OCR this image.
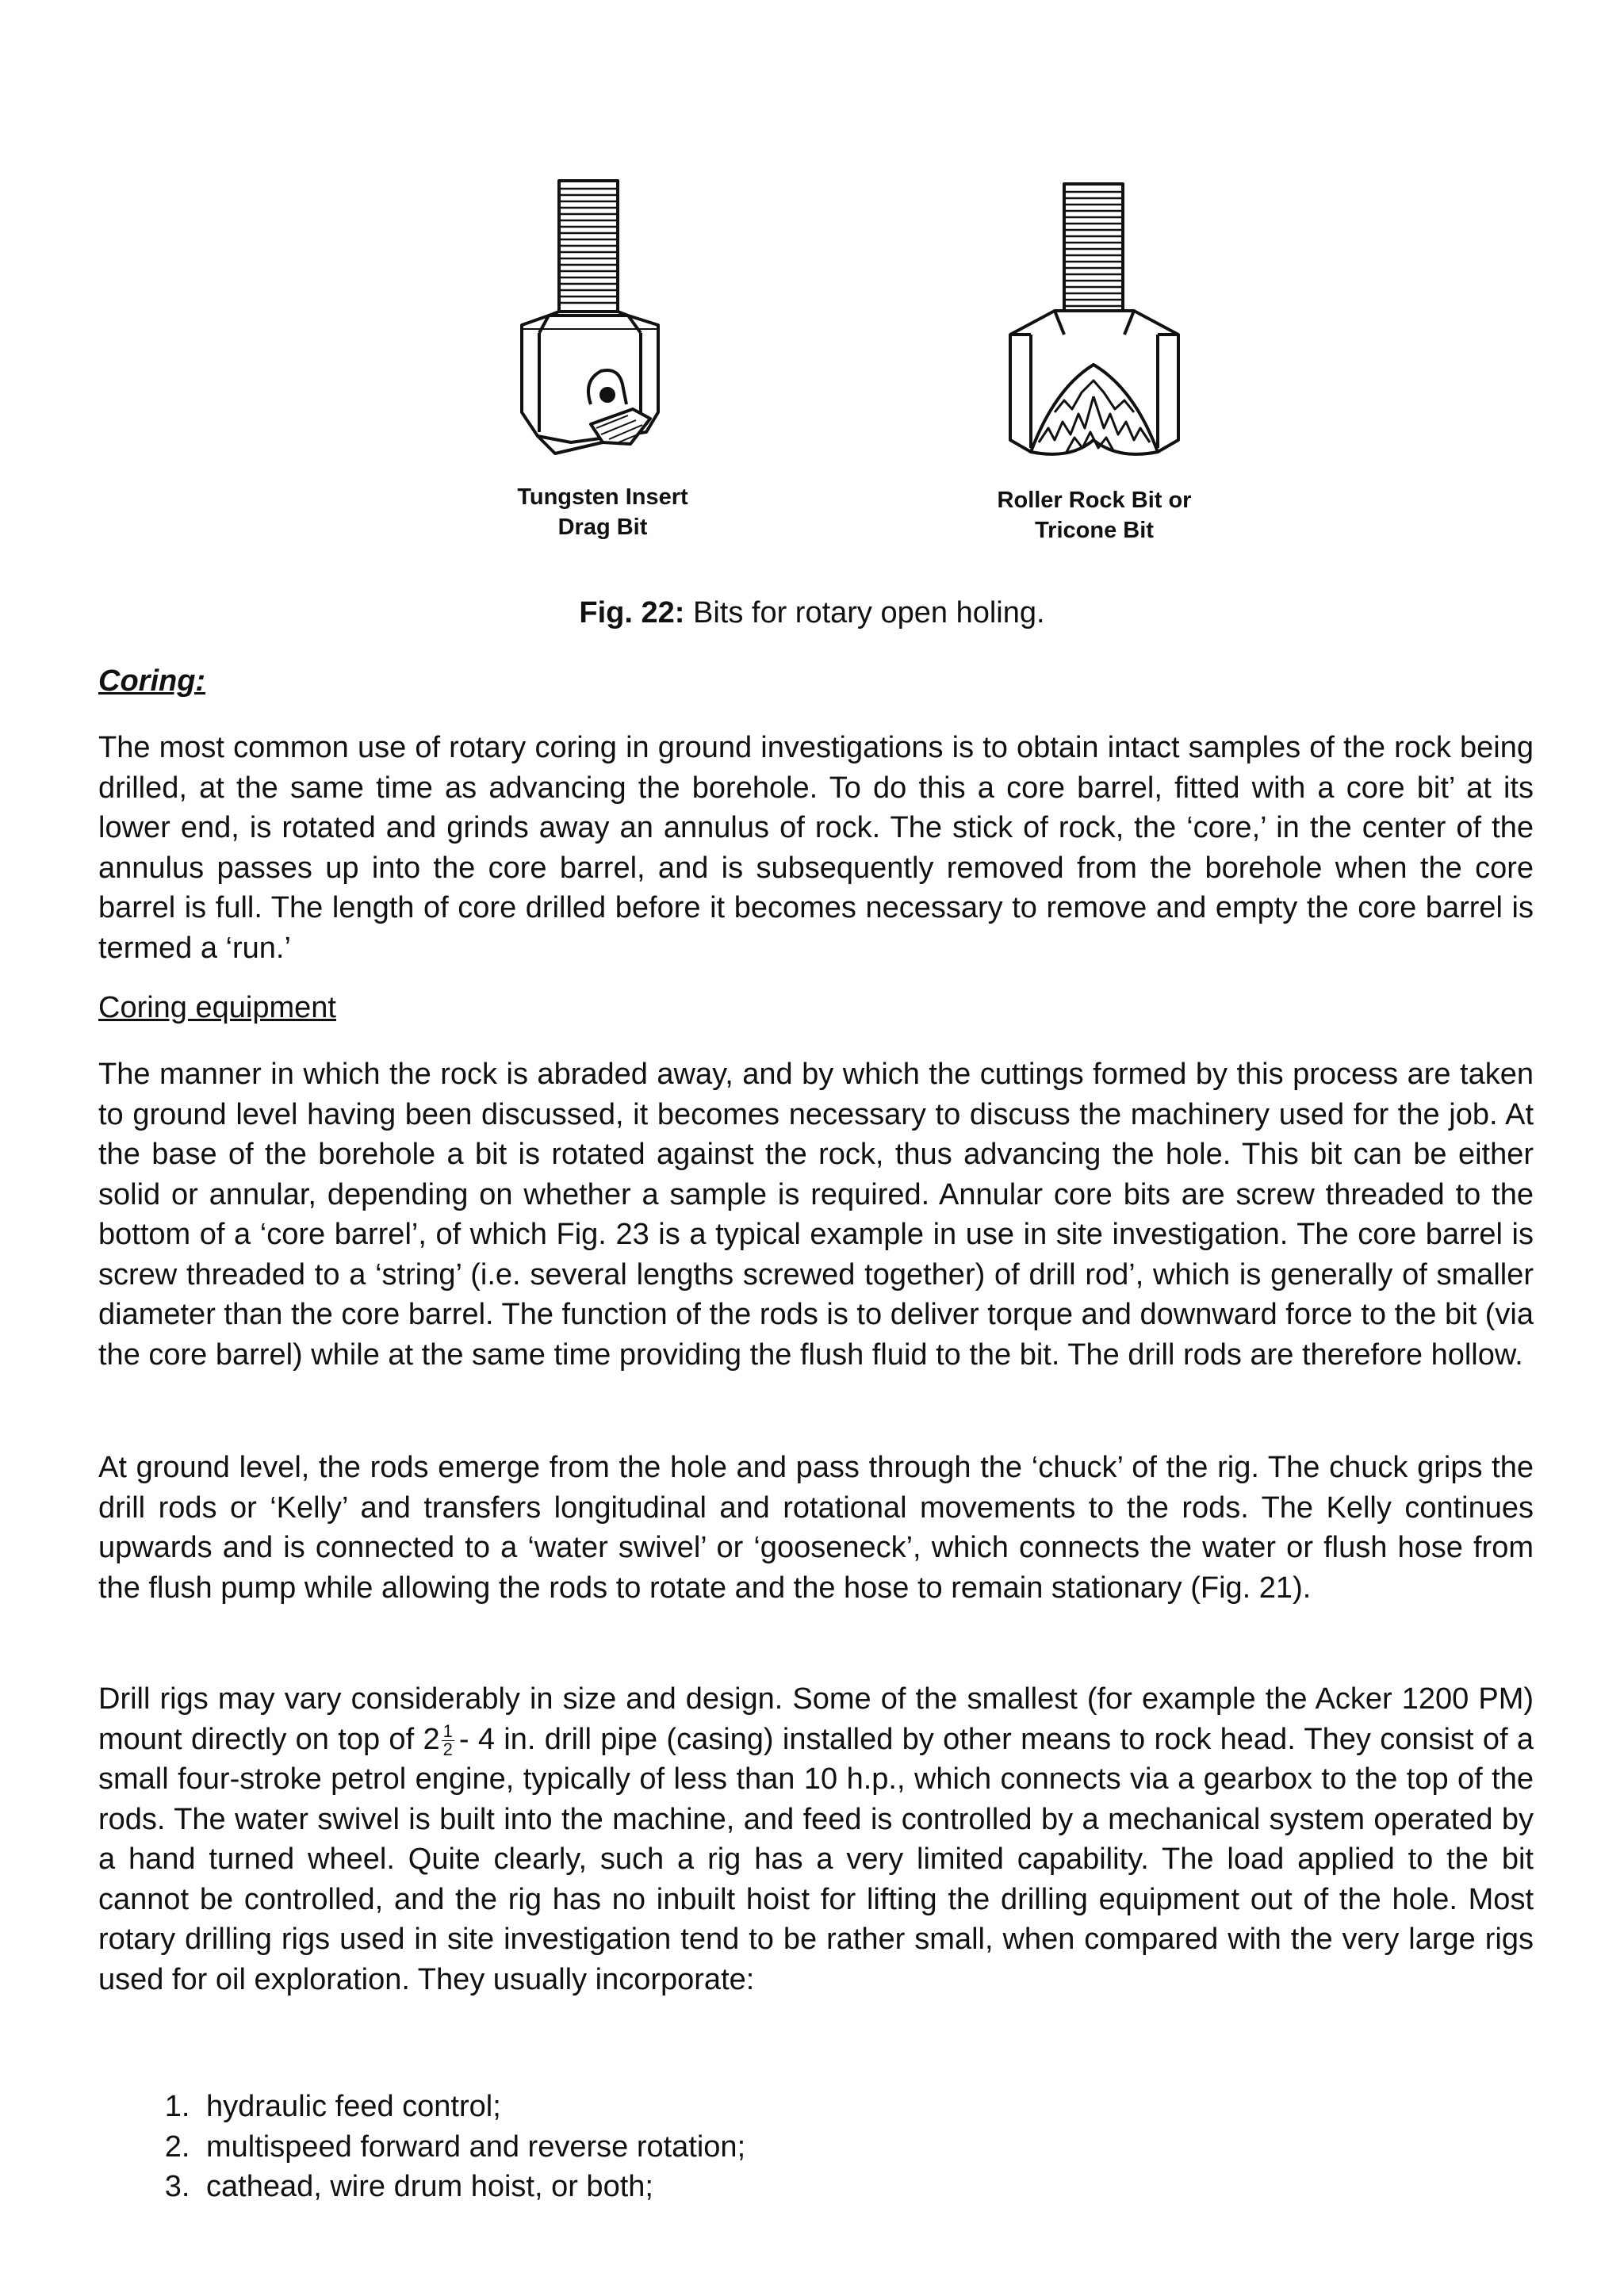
Tungsten Insert
Drag Bit
Roller Rock Bit or
Tricone Bit
Fig. 22: Bits for rotary open holing.
Coring:
The most common use of rotary coring in ground investigations is to obtain intact samples of the rock being drilled, at the same time as advancing the borehole. To do this a core barrel, fitted with a core bit’ at its lower end, is rotated and grinds away an annulus of rock. The stick of rock, the ‘core,’ in the center of the annulus passes up into the core barrel, and is subsequently removed from the borehole when the core barrel is full. The length of core drilled before it becomes necessary to remove and empty the core barrel is termed a ‘run.’
Coring equipment
The manner in which the rock is abraded away, and by which the cuttings formed by this process are taken to ground level having been discussed, it becomes necessary to discuss the machinery used for the job. At the base of the borehole a bit is rotated against the rock, thus advancing the hole. This bit can be either solid or annular, depending on whether a sample is required. Annular core bits are screw threaded to the bottom of a ‘core barrel’, of which Fig. 23 is a typical example in use in site investigation. The core barrel is screw threaded to a ‘string’ (i.e. several lengths screwed together) of drill rod’, which is generally of smaller diameter than the core barrel. The function of the rods is to deliver torque and downward force to the bit (via the core barrel) while at the same time providing the flush fluid to the bit. The drill rods are therefore hollow.
At ground level, the rods emerge from the hole and pass through the ‘chuck’ of the rig. The chuck grips the drill rods or ‘Kelly’ and transfers longitudinal and rotational movements to the rods. The Kelly continues upwards and is connected to a ‘water swivel’ or ‘gooseneck’, which connects the water or flush hose from the flush pump while allowing the rods to rotate and the hose to remain stationary (Fig. 21).
Drill rigs may vary considerably in size and design. Some of the smallest (for example the Acker 1200 PM) mount directly on top of $2 \frac{1}{2} - 4$ in. drill pipe (casing) installed by other means to rock head. They consist of a small four-stroke petrol engine, typically of less than 10 h.p., which connects via a gearbox to the top of the rods. The water swivel is built into the machine, and feed is controlled by a mechanical system operated by a hand turned wheel. Quite clearly, such a rig has a very limited capability. The load applied to the bit cannot be controlled, and the rig has no inbuilt hoist for lifting the drilling equipment out of the hole. Most rotary drilling rigs used in site investigation tend to be rather small, when compared with the very large rigs used for oil exploration. They usually incorporate:
1. hydraulic feed control;
2. multispeed forward and reverse rotation;
3. cathead, wire drum hoist, or both;
